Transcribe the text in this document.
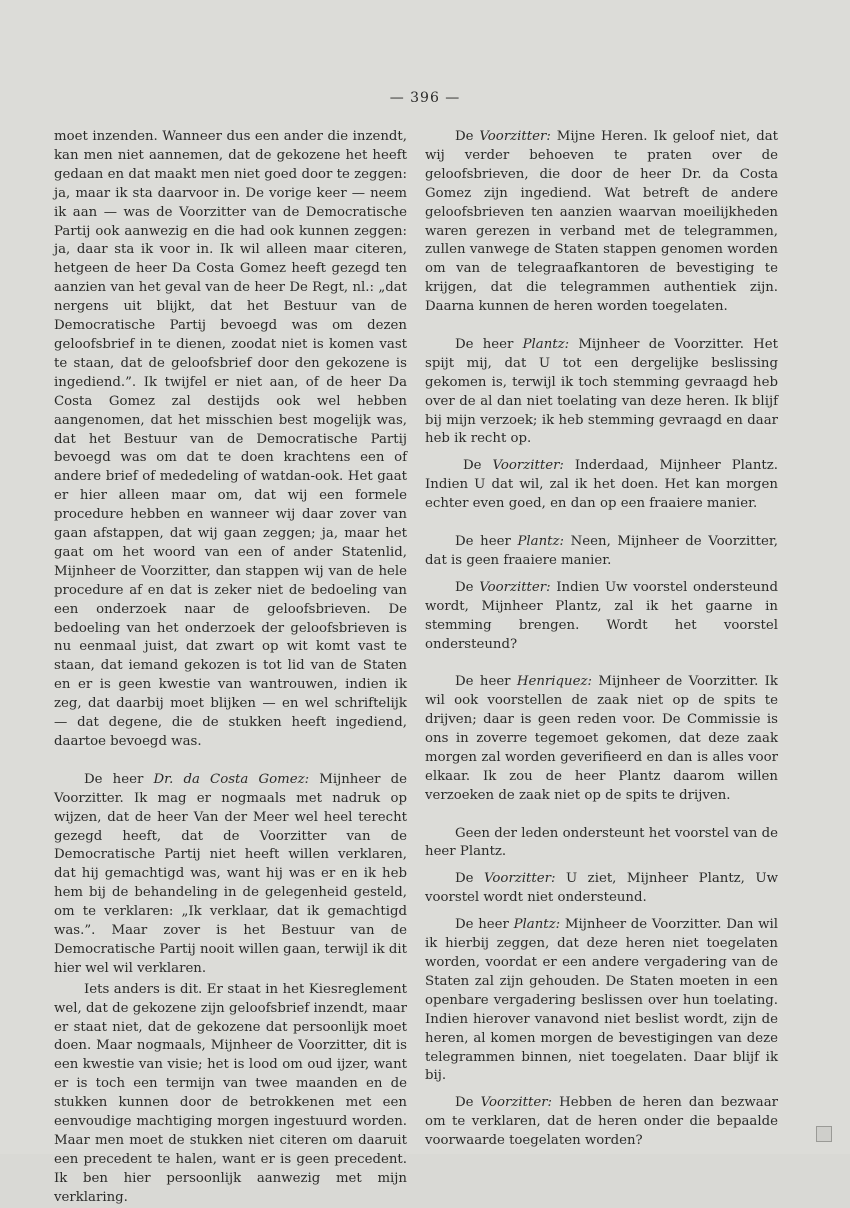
— 396 —

moet inzenden. Wanneer dus een ander die inzendt, kan men niet aannemen, dat de gekozene het heeft gedaan en dat maakt men niet goed door te zeggen: ja, maar ik sta daarvoor in. De vorige keer — neem ik aan — was de Voorzitter van de Democratische Partij ook aanwezig en die had ook kunnen zeggen: ja, daar sta ik voor in. Ik wil alleen maar citeren, hetgeen de heer Da Costa Gomez heeft gezegd ten aanzien van het geval van de heer De Regt, nl.: „dat nergens uit blijkt, dat het Bestuur van de Democratische Partij bevoegd was om dezen geloofsbrief in te dienen, zoodat niet is komen vast te staan, dat de geloofsbrief door den gekozene is ingediend.”. Ik twijfel er niet aan, of de heer Da Costa Gomez zal destijds ook wel hebben aangenomen, dat het misschien best mogelijk was, dat het Bestuur van de Democratische Partij bevoegd was om dat te doen krachtens een of andere brief of mededeling of watdan-ook. Het gaat er hier alleen maar om, dat wij een formele procedure hebben en wanneer wij daar zover van gaan afstappen, dat wij gaan zeggen; ja, maar het gaat om het woord van een of ander Statenlid, Mijnheer de Voorzitter, dan stappen wij van de hele procedure af en dat is zeker niet de bedoeling van een onderzoek naar de geloofsbrieven. De bedoeling van het onderzoek der geloofsbrieven is nu eenmaal juist, dat zwart op wit komt vast te staan, dat iemand gekozen is tot lid van de Staten en er is geen kwestie van wantrouwen, indien ik zeg, dat daarbij moet blijken — en wel schriftelijk — dat degene, die de stukken heeft ingediend, daartoe bevoegd was.

De heer Dr. da Costa Gomez: Mijnheer de Voorzitter. Ik mag er nogmaals met nadruk op wijzen, dat de heer Van der Meer wel heel terecht gezegd heeft, dat de Voorzitter van de Democratische Partij niet heeft willen verklaren, dat hij gemachtigd was, want hij was er en ik heb hem bij de behandeling in de gelegenheid gesteld, om te verklaren: „Ik verklaar, dat ik gemachtigd was.”. Maar zover is het Bestuur van de Democratische Partij nooit willen gaan, terwijl ik dit hier wel wil verklaren.

Iets anders is dit. Er staat in het Kiesreglement wel, dat de gekozene zijn geloofsbrief inzendt, maar er staat niet, dat de gekozene dat persoonlijk moet doen. Maar nogmaals, Mijnheer de Voorzitter, dit is een kwestie van visie; het is lood om oud ijzer, want er is toch een termijn van twee maanden en de stukken kunnen door de betrokkenen met een eenvoudige machtiging morgen ingestuurd worden. Maar men moet de stukken niet citeren om daaruit een precedent te halen, want er is geen precedent. Ik ben hier persoonlijk aanwezig met mijn verklaring.

De Voorzitter: Mijne Heren. Ik geloof niet, dat wij verder behoeven te praten over de geloofsbrieven, die door de heer Dr. da Costa Gomez zijn ingediend. Wat betreft de andere geloofsbrieven ten aanzien waarvan moeilijkheden waren gerezen in verband met de telegrammen, zullen vanwege de Staten stappen genomen worden om van de telegraafkantoren de bevestiging te krijgen, dat die telegrammen authentiek zijn. Daarna kunnen de heren worden toegelaten.

De heer Plantz: Mijnheer de Voorzitter. Het spijt mij, dat U tot een dergelijke beslissing gekomen is, terwijl ik toch stemming gevraagd heb over de al dan niet toelating van deze heren. Ik blijf bij mijn verzoek; ik heb stemming gevraagd en daar heb ik recht op.

De Voorzitter: Inderdaad, Mijnheer Plantz. Indien U dat wil, zal ik het doen. Het kan morgen echter even goed, en dan op een fraaiere manier.

De heer Plantz: Neen, Mijnheer de Voorzitter, dat is geen fraaiere manier.

De Voorzitter: Indien Uw voorstel ondersteund wordt, Mijnheer Plantz, zal ik het gaarne in stemming brengen. Wordt het voorstel ondersteund?

De heer Henriquez: Mijnheer de Voorzitter. Ik wil ook voorstellen de zaak niet op de spits te drijven; daar is geen reden voor. De Commissie is ons in zoverre tegemoet gekomen, dat deze zaak morgen zal worden geverifieerd en dan is alles voor elkaar. Ik zou de heer Plantz daarom willen verzoeken de zaak niet op de spits te drijven.

Geen der leden ondersteunt het voorstel van de heer Plantz.

De Voorzitter: U ziet, Mijnheer Plantz, Uw voorstel wordt niet ondersteund.

De heer Plantz: Mijnheer de Voorzitter. Dan wil ik hierbij zeggen, dat deze heren niet toegelaten worden, voordat er een andere vergadering van de Staten zal zijn gehouden. De Staten moeten in een openbare vergadering beslissen over hun toelating. Indien hierover vanavond niet beslist wordt, zijn de heren, al komen morgen de bevestigingen van deze telegrammen binnen, niet toegelaten. Daar blijf ik bij.

De Voorzitter: Hebben de heren dan bezwaar om te verklaren, dat de heren onder die bepaalde voorwaarde toegelaten worden?
